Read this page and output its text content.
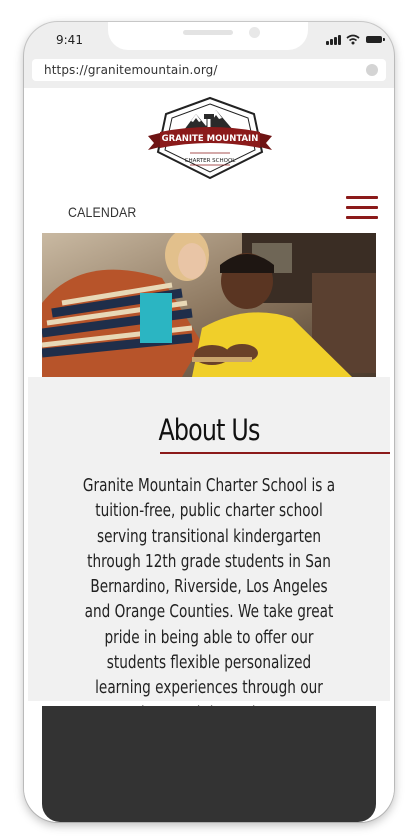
9:41
https://granitemountain.org/
GRANITE MOUNTAIN
CHARTER SCHOOL
CALENDAR
About Us
Granite Mountain Charter School is a tuition-free, public charter school serving transitional kindergarten through 12th grade students in San Bernardino, Riverside, Los Angeles and Orange Counties. We take great pride in being able to offer our students flexible personalized learning experiences through our
